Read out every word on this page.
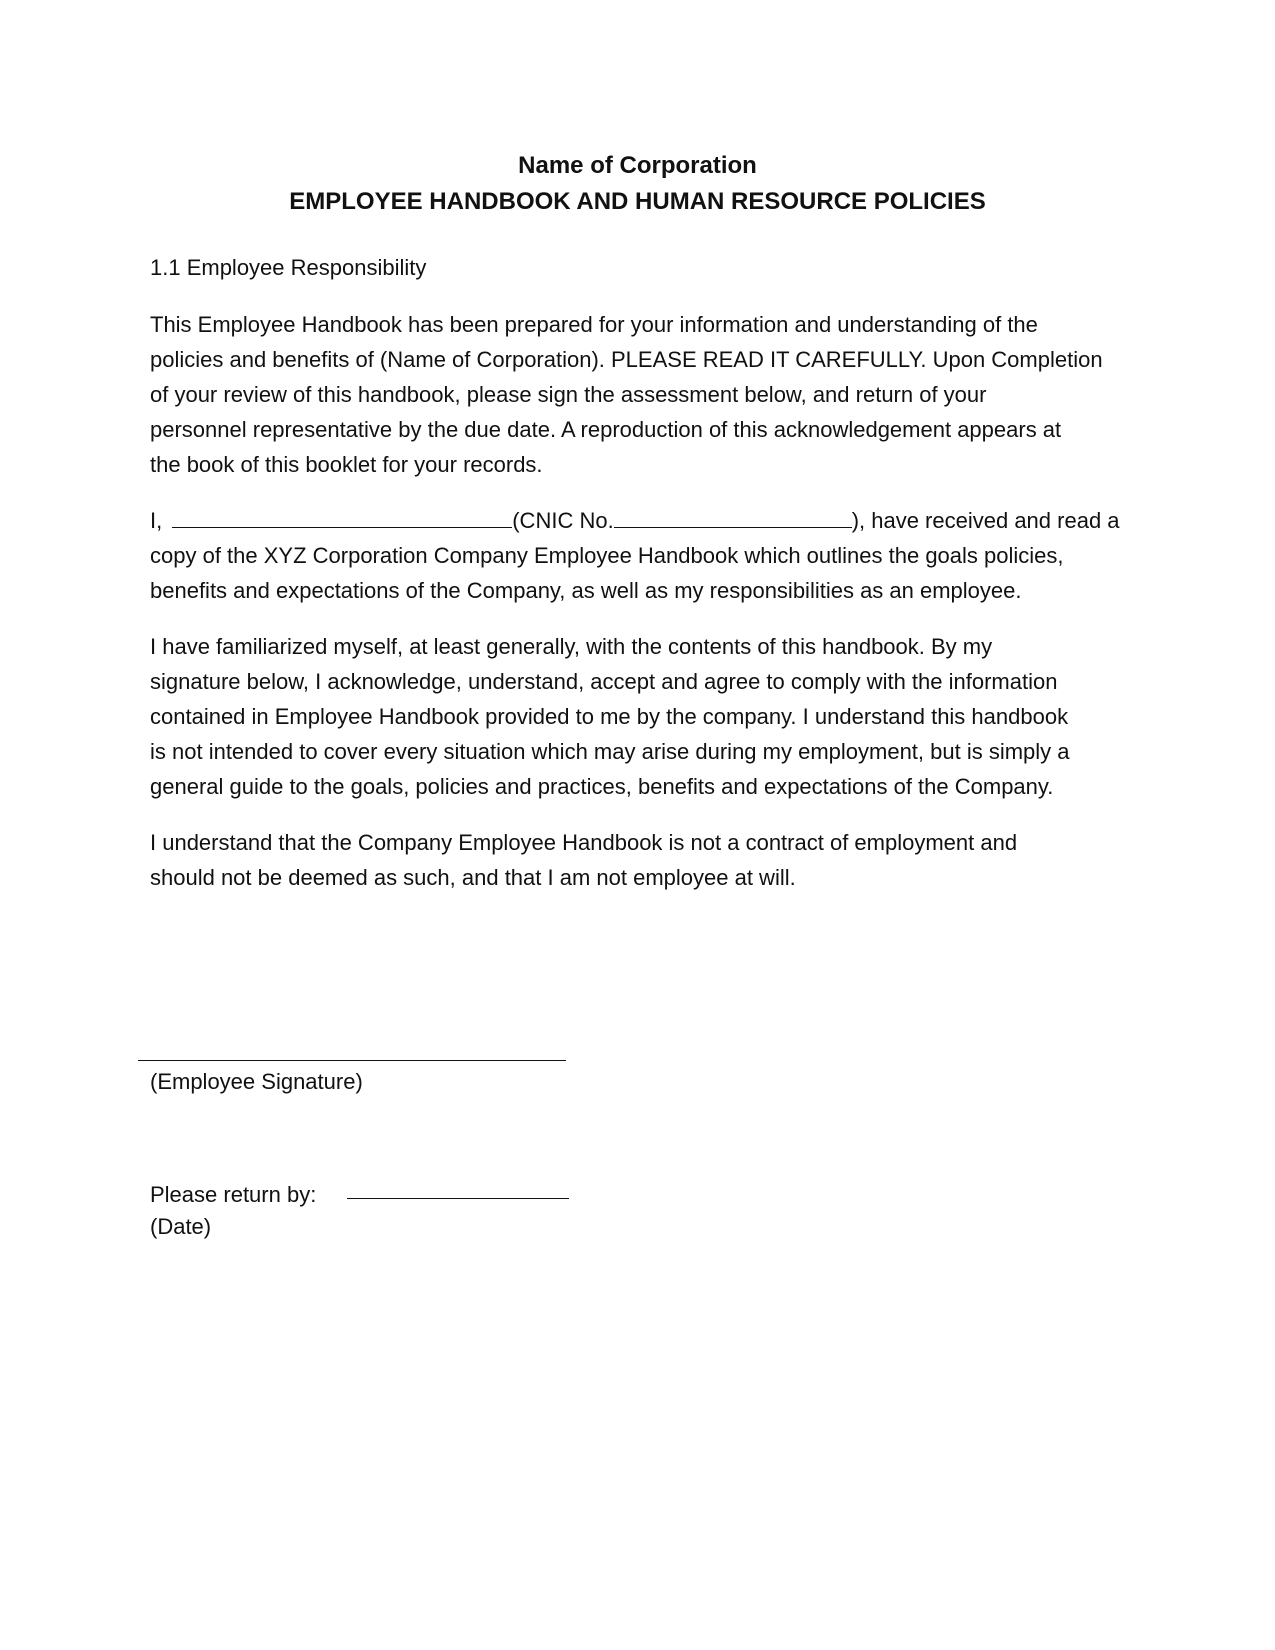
Name of Corporation
EMPLOYEE HANDBOOK AND HUMAN RESOURCE POLICIES
1.1 Employee Responsibility

This Employee Handbook has been prepared for your information and understanding of the
policies and benefits of (Name of Corporation). PLEASE READ IT CAREFULLY. Upon Completion
of your review of this handbook, please sign the assessment below, and return of your
personnel representative by the due date. A reproduction of this acknowledgement appears at
the book of this booklet for your records.

I,	(CNIC No.	), have received and read a
copy of the XYZ Corporation Company Employee Handbook which outlines the goals policies,
benefits and expectations of the Company, as well as my responsibilities as an employee.

I have familiarized myself, at least generally, with the contents of this handbook. By my
signature below, I acknowledge, understand, accept and agree to comply with the information
contained in Employee Handbook provided to me by the company. I understand this handbook
is not intended to cover every situation which may arise during my employment, but is simply a
general guide to the goals, policies and practices, benefits and expectations of the Company.

I understand that the Company Employee Handbook is not a contract of employment and
should not be deemed as such, and that I am not employee at will.

(Employee Signature)
Please return by:
(Date)
